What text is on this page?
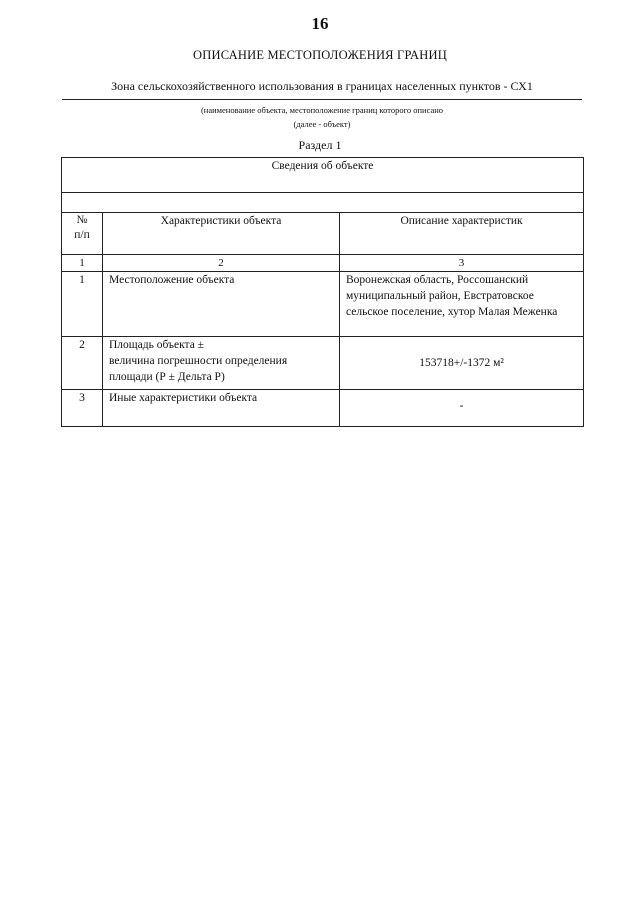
16
ОПИСАНИЕ МЕСТОПОЛОЖЕНИЯ ГРАНИЦ
Зона сельскохозяйственного использования в границах населенных пунктов - СХ1
(наименование объекта, местоположение границ которого описано
(далее - объект)
Раздел 1
Сведения об объекте		

№
п/п	Характеристики объекта	Описание характеристик
1	2	3
1	Местоположение объекта	Воронежская область, Россошанский муниципальный район, Евстратовское сельское поселение, хутор Малая Меженка
2	Площадь объекта ±
величина погрешности определения
площади (Р ± Дельта Р)	153718+/-1372 м²
3	Иные характеристики объекта	-
